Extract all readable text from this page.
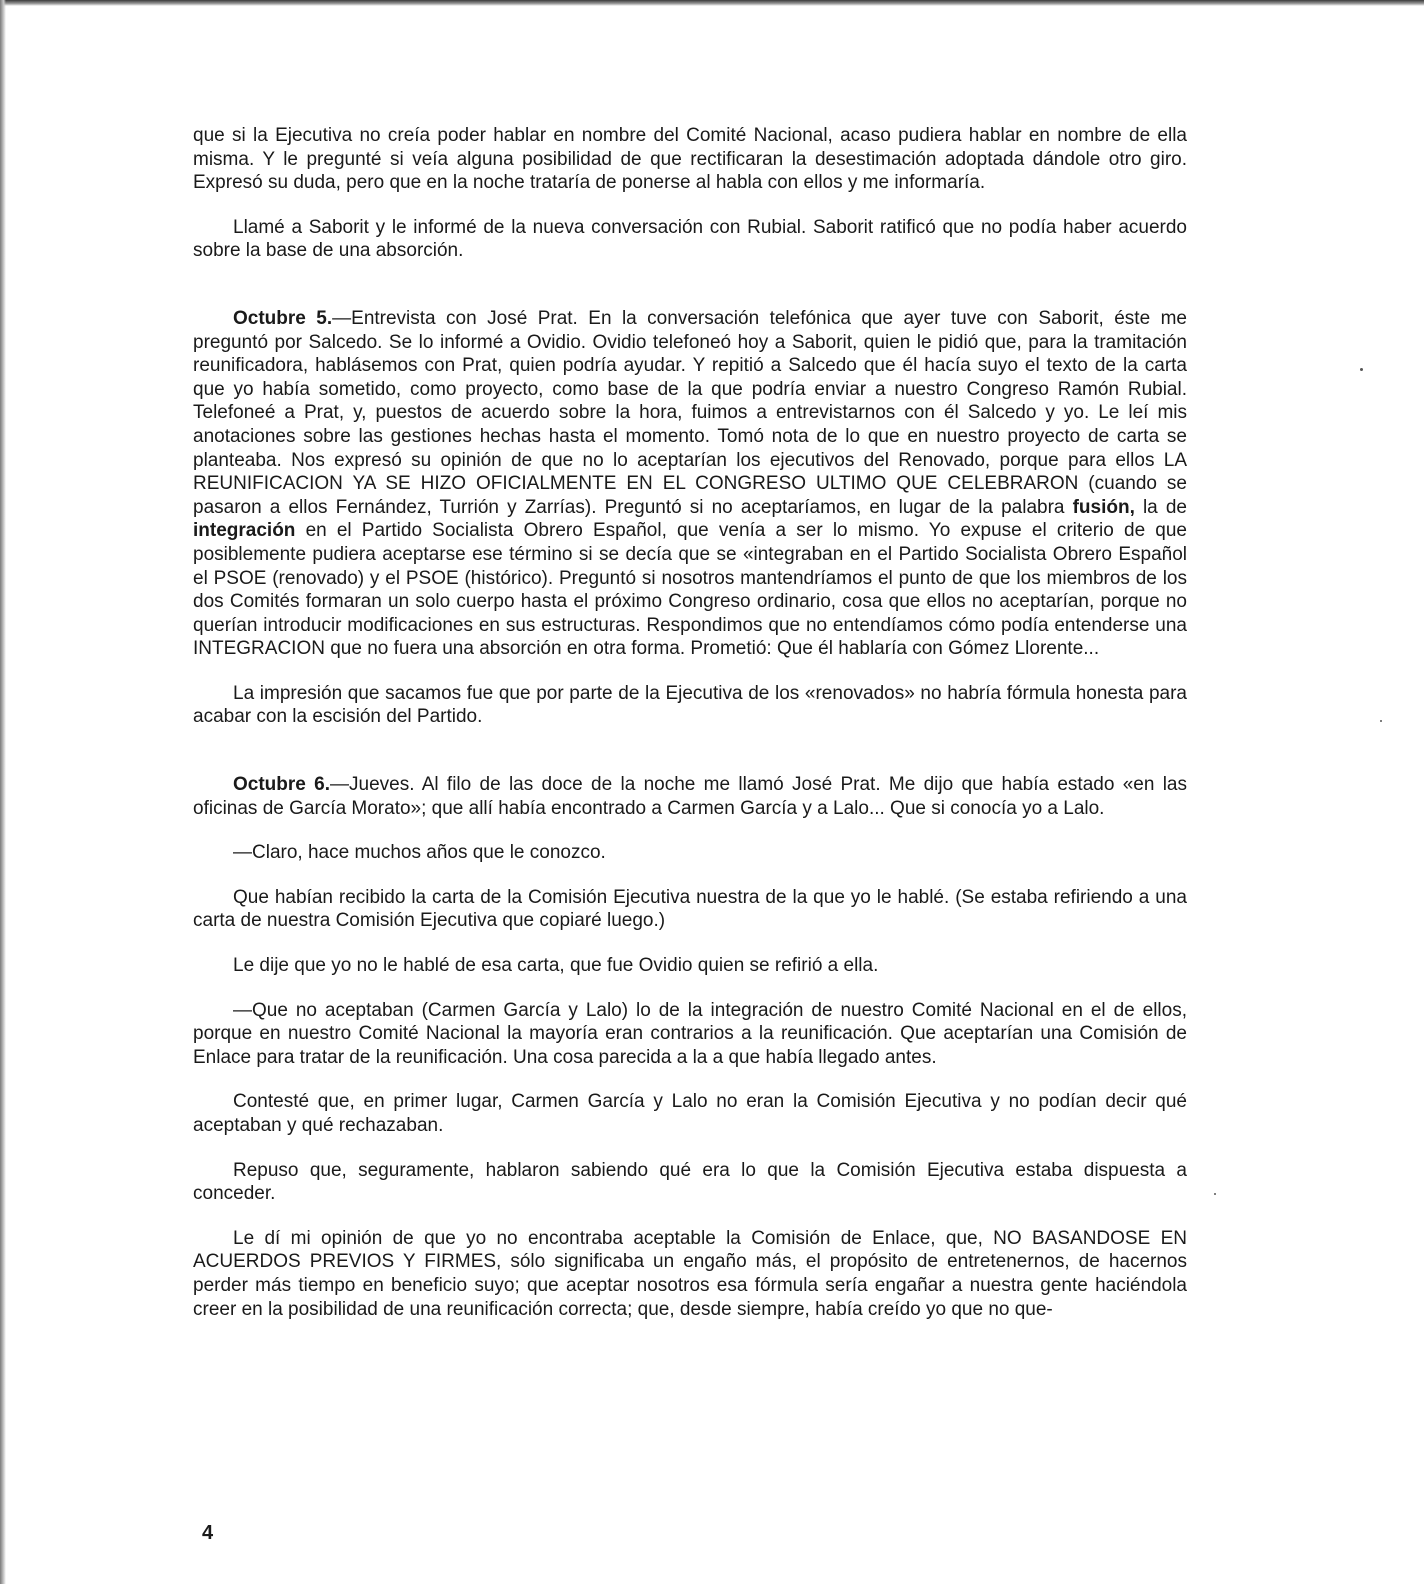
que si la Ejecutiva no creía poder hablar en nombre del Comité Nacional, acaso pudiera hablar en nombre de ella misma. Y le pregunté si veía alguna posibilidad de que rectificaran la desestimación adoptada dándole otro giro. Expresó su duda, pero que en la noche trataría de ponerse al habla con ellos y me informaría.

Llamé a Saborit y le informé de la nueva conversación con Rubial. Saborit ratificó que no podía haber acuerdo sobre la base de una absorción.

Octubre 5.—Entrevista con José Prat. En la conversación telefónica que ayer tuve con Saborit, éste me preguntó por Salcedo. Se lo informé a Ovidio. Ovidio telefoneó hoy a Saborit, quien le pidió que, para la tramitación reunificadora, hablásemos con Prat, quien podría ayudar. Y repitió a Salcedo que él hacía suyo el texto de la carta que yo había sometido, como proyecto, como base de la que podría enviar a nuestro Congreso Ramón Rubial. Telefoneé a Prat, y, puestos de acuerdo sobre la hora, fuimos a entrevistarnos con él Salcedo y yo. Le leí mis anotaciones sobre las gestiones hechas hasta el momento. Tomó nota de lo que en nuestro proyecto de carta se planteaba. Nos expresó su opinión de que no lo aceptarían los ejecutivos del Renovado, porque para ellos LA REUNIFICACION YA SE HIZO OFICIALMENTE EN EL CONGRESO ULTIMO QUE CELEBRARON (cuando se pasaron a ellos Fernández, Turrión y Zarrías). Preguntó si no aceptaríamos, en lugar de la palabra fusión, la de integración en el Partido Socialista Obrero Español, que venía a ser lo mismo. Yo expuse el criterio de que posiblemente pudiera aceptarse ese término si se decía que se «integraban en el Partido Socialista Obrero Español el PSOE (renovado) y el PSOE (histórico). Preguntó si nosotros mantendríamos el punto de que los miembros de los dos Comités formaran un solo cuerpo hasta el próximo Congreso ordinario, cosa que ellos no aceptarían, porque no querían introducir modificaciones en sus estructuras. Respondimos que no entendíamos cómo podía entenderse una INTEGRACION que no fuera una absorción en otra forma. Prometió: Que él hablaría con Gómez Llorente...

La impresión que sacamos fue que por parte de la Ejecutiva de los «renovados» no habría fórmula honesta para acabar con la escisión del Partido.

Octubre 6.—Jueves. Al filo de las doce de la noche me llamó José Prat. Me dijo que había estado «en las oficinas de García Morato»; que allí había encontrado a Carmen García y a Lalo... Que si conocía yo a Lalo.

—Claro, hace muchos años que le conozco.

Que habían recibido la carta de la Comisión Ejecutiva nuestra de la que yo le hablé. (Se estaba refiriendo a una carta de nuestra Comisión Ejecutiva que copiaré luego.)

Le dije que yo no le hablé de esa carta, que fue Ovidio quien se refirió a ella.

—Que no aceptaban (Carmen García y Lalo) lo de la integración de nuestro Comité Nacional en el de ellos, porque en nuestro Comité Nacional la mayoría eran contrarios a la reunificación. Que aceptarían una Comisión de Enlace para tratar de la reunificación. Una cosa parecida a la a que había llegado antes.

Contesté que, en primer lugar, Carmen García y Lalo no eran la Comisión Ejecutiva y no podían decir qué aceptaban y qué rechazaban.

Repuso que, seguramente, hablaron sabiendo qué era lo que la Comisión Ejecutiva estaba dispuesta a conceder.

Le dí mi opinión de que yo no encontraba aceptable la Comisión de Enlace, que, NO BASANDOSE EN ACUERDOS PREVIOS Y FIRMES, sólo significaba un engaño más, el propósito de entretenernos, de hacernos perder más tiempo en beneficio suyo; que aceptar nosotros esa fórmula sería engañar a nuestra gente haciéndola creer en la posibilidad de una reunificación correcta; que, desde siempre, había creído yo que no que-

4
